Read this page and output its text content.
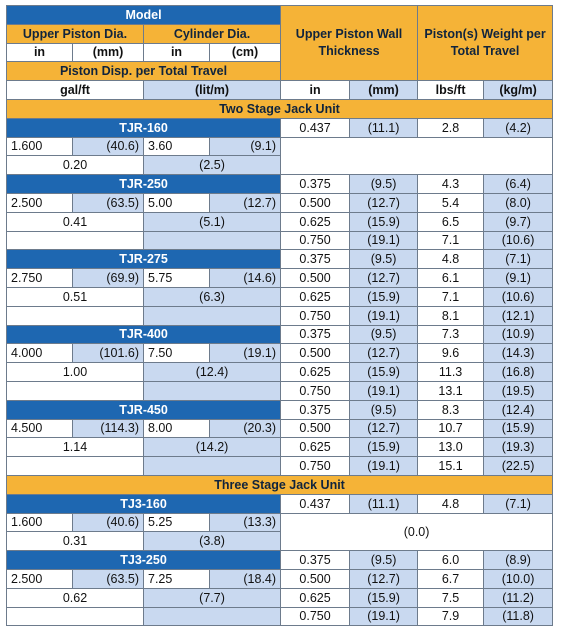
Model				Upper Piston Wall Thickness		Piston(s) Weight per Total Travel	
Upper Piston Dia.		Cylinder Dia.					
in	(mm)	in	(cm)				
Piston Disp. per Total Travel							
gal/ft		(lit/m)		in	(mm)	lbs/ft	(kg/m)
Two Stage Jack Unit							
TJR-160				0.437	(11.1)	2.8	(4.2)
1.600	(40.6)	3.60	(9.1)				
0.20		(2.5)					
TJR-250				0.375	(9.5)	4.3	(6.4)
2.500	(63.5)	5.00	(12.7)	0.500	(12.7)	5.4	(8.0)
0.41		(5.1)		0.625	(15.9)	6.5	(9.7)
				0.750	(19.1)	7.1	(10.6)
TJR-275				0.375	(9.5)	4.8	(7.1)
2.750	(69.9)	5.75	(14.6)	0.500	(12.7)	6.1	(9.1)
0.51		(6.3)		0.625	(15.9)	7.1	(10.6)
				0.750	(19.1)	8.1	(12.1)
TJR-400				0.375	(9.5)	7.3	(10.9)
4.000	(101.6)	7.50	(19.1)	0.500	(12.7)	9.6	(14.3)
1.00		(12.4)		0.625	(15.9)	11.3	(16.8)
				0.750	(19.1)	13.1	(19.5)
TJR-450				0.375	(9.5)	8.3	(12.4)
4.500	(114.3)	8.00	(20.3)	0.500	(12.7)	10.7	(15.9)
1.14		(14.2)		0.625	(15.9)	13.0	(19.3)
				0.750	(19.1)	15.1	(22.5)
Three Stage Jack Unit							
TJ3-160				0.437	(11.1)	4.8	(7.1)
1.600	(40.6)	5.25	(13.3)	(0.0)			
0.31		(3.8)					
TJ3-250				0.375	(9.5)	6.0	(8.9)
2.500	(63.5)	7.25	(18.4)	0.500	(12.7)	6.7	(10.0)
0.62		(7.7)		0.625	(15.9)	7.5	(11.2)
				0.750	(19.1)	7.9	(11.8)
